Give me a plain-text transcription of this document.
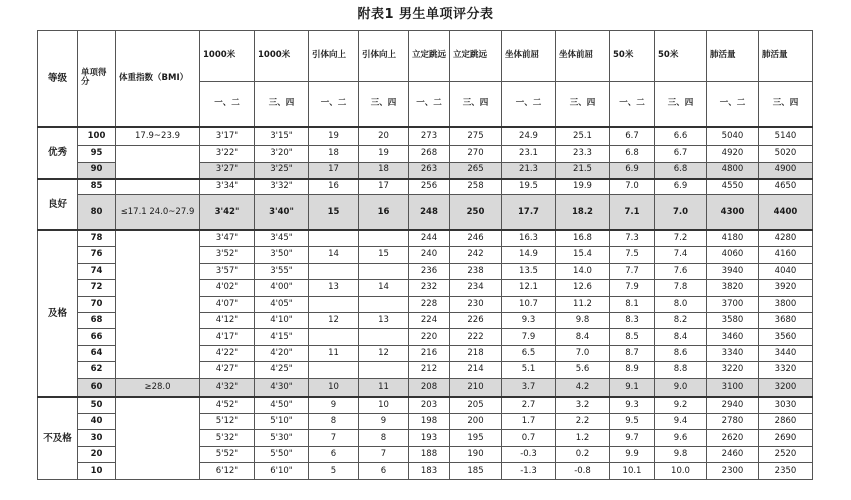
附表1 男生单项评分表
等级	单项得分	体重指数（BMI）	1000米	1000米	引体向上	引体向上	立定跳远	立定跳远	坐体前屈	坐体前屈	50米	50米	肺活量	肺活量
			一、二	三、四	一、二	三、四	一、二	三、四	一、二	三、四	一、二	三、四	一、二	三、四
优秀	100	17.9~23.9	3'17"	3'15"	19	20	273	275	24.9	25.1	6.7	6.6	5040	5140
	95		3'22"	3'20"	18	19	268	270	23.1	23.3	6.8	6.7	4920	5020
	90		3'27"	3'25"	17	18	263	265	21.3	21.5	6.9	6.8	4800	4900
良好	85		3'34"	3'32"	16	17	256	258	19.5	19.9	7.0	6.9	4550	4650
	80	≤17.1 24.0~27.9	3'42"	3'40"	15	16	248	250	17.7	18.2	7.1	7.0	4300	4400
及格	78		3'47"	3'45"			244	246	16.3	16.8	7.3	7.2	4180	4280
	76		3'52"	3'50"	14	15	240	242	14.9	15.4	7.5	7.4	4060	4160
	74		3'57"	3'55"			236	238	13.5	14.0	7.7	7.6	3940	4040
	72		4'02"	4'00"	13	14	232	234	12.1	12.6	7.9	7.8	3820	3920
	70		4'07"	4'05"			228	230	10.7	11.2	8.1	8.0	3700	3800
	68		4'12"	4'10"	12	13	224	226	9.3	9.8	8.3	8.2	3580	3680
	66		4'17"	4'15"			220	222	7.9	8.4	8.5	8.4	3460	3560
	64		4'22"	4'20"	11	12	216	218	6.5	7.0	8.7	8.6	3340	3440
	62		4'27"	4'25"			212	214	5.1	5.6	8.9	8.8	3220	3320
	60	≥28.0	4'32"	4'30"	10	11	208	210	3.7	4.2	9.1	9.0	3100	3200
不及格	50		4'52"	4'50"	9	10	203	205	2.7	3.2	9.3	9.2	2940	3030
	40		5'12"	5'10"	8	9	198	200	1.7	2.2	9.5	9.4	2780	2860
	30		5'32"	5'30"	7	8	193	195	0.7	1.2	9.7	9.6	2620	2690
	20		5'52"	5'50"	6	7	188	190	-0.3	0.2	9.9	9.8	2460	2520
	10		6'12"	6'10"	5	6	183	185	-1.3	-0.8	10.1	10.0	2300	2350
